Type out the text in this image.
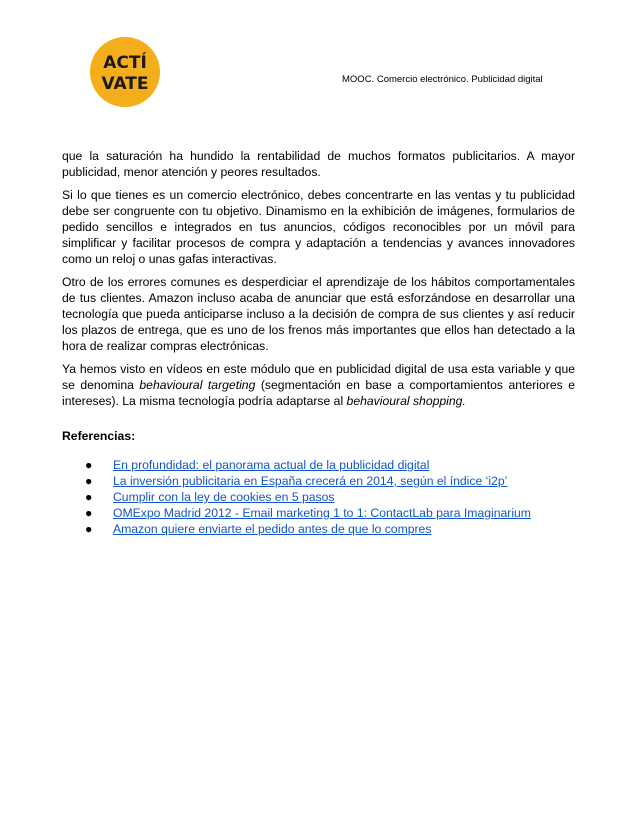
ACTÍ
VATE	MOOC. Comercio electrónico. Publicidad digital

que la saturación ha hundido la rentabilidad de muchos formatos publicitarios. A mayor publicidad, menor atención y peores resultados.

Si lo que tienes es un comercio electrónico, debes concentrarte en las ventas y tu publicidad debe ser congruente con tu objetivo. Dinamismo en la exhibición de imágenes, formularios de pedido sencillos e integrados en tus anuncios, códigos reconocibles por un móvil para simplificar y facilitar procesos de compra y adaptación a tendencias y avances innovadores como un reloj o unas gafas interactivas.

Otro de los errores comunes es desperdiciar el aprendizaje de los hábitos comportamentales de tus clientes. Amazon incluso acaba de anunciar que está esforzándose en desarrollar una tecnología que pueda anticiparse incluso a la decisión de compra de sus clientes y así reducir los plazos de entrega, que es uno de los frenos más importantes que ellos han detectado a la hora de realizar compras electrónicas.

Ya hemos visto en vídeos en este módulo que en publicidad digital de usa esta variable y que se denomina behavioural targeting (segmentación en base a comportamientos anteriores e intereses). La misma tecnología podría adaptarse al behavioural shopping.

Referencias:
● En profundidad: el panorama actual de la publicidad digital
● La inversión publicitaria en España crecerá en 2014, según el índice ‘i2p’
● Cumplir con la ley de cookies en 5 pasos
● OMExpo Madrid 2012 - Email marketing 1 to 1: ContactLab para Imaginarium
● Amazon quiere enviarte el pedido antes de que lo compres
